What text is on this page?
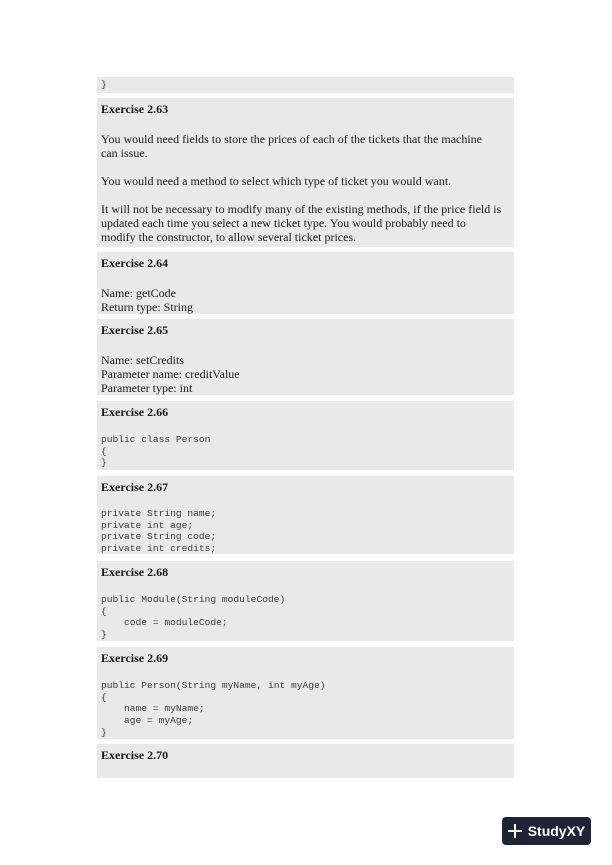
}
Exercise 2.63

You would need fields to store the prices of each of the tickets that the machine

can issue.

You would need a method to select which type of ticket you would want.

It will not be necessary to modify many of the existing methods, if the price field is

updated each time you select a new ticket type. You would probably need to

modify the constructor, to allow several ticket prices.

Exercise 2.64

Name: getCode

Return type: String

Exercise 2.65

Name: setCredits

Parameter name: creditValue

Parameter type: int

Exercise 2.66
public class Person
{
}
Exercise 2.67
private String name;
private int age;
private String code;
private int credits;
Exercise 2.68
public Module(String moduleCode)
{
code = moduleCode;
}
Exercise 2.69
public Person(String myName, int myAge)
{
name = myName;
age = myAge;
}
Exercise 2.70
StudyXY
